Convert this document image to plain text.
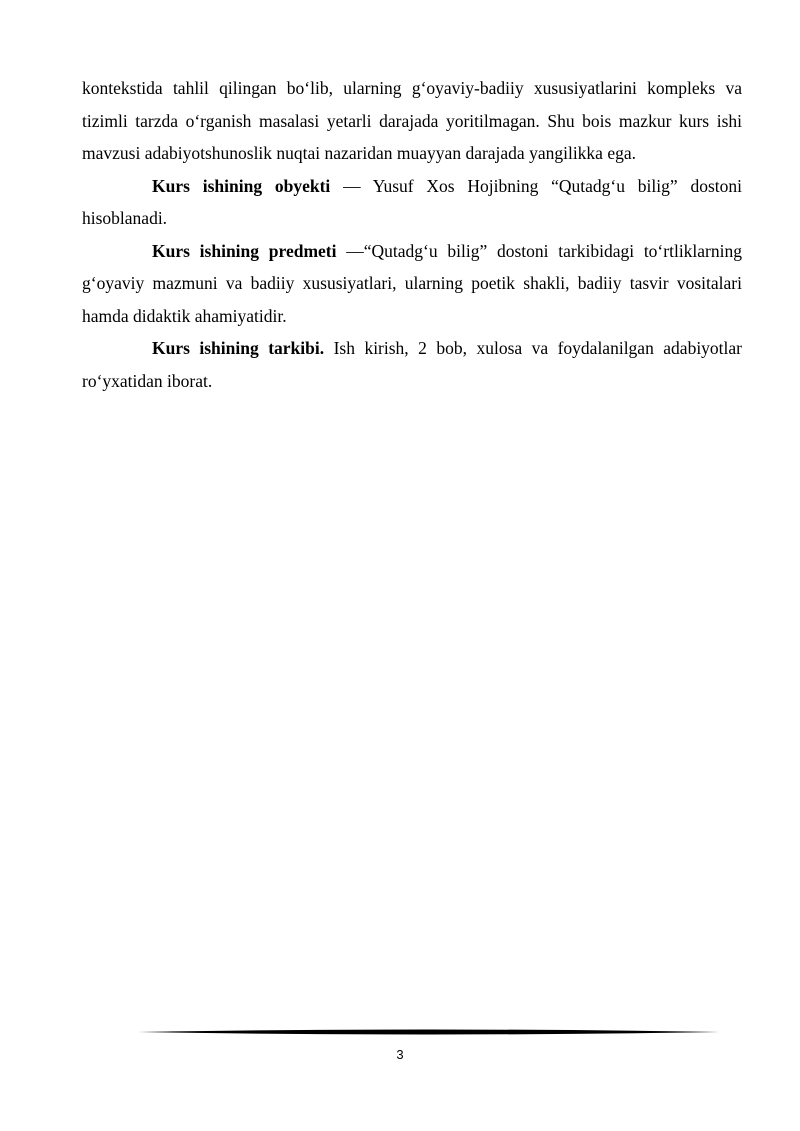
kontekstida tahlil qilingan bo‘lib, ularning g‘oyaviy-badiiy xususiyatlarini kompleks va tizimli tarzda o‘rganish masalasi yetarli darajada yoritilmagan. Shu bois mazkur kurs ishi mavzusi adabiyotshunoslik nuqtai nazaridan muayyan darajada yangilikka ega.

Kurs ishining obyekti — Yusuf Xos Hojibning “Qutadg‘u bilig” dostoni hisoblanadi.

Kurs ishining predmeti —“Qutadg‘u bilig” dostoni tarkibidagi to‘rtliklarning g‘oyaviy mazmuni va badiiy xususiyatlari, ularning poetik shakli, badiiy tasvir vositalari hamda didaktik ahamiyatidir.

Kurs ishining tarkibi. Ish kirish, 2 bob, xulosa va foydalanilgan adabiyotlar ro‘yxatidan iborat.

3
